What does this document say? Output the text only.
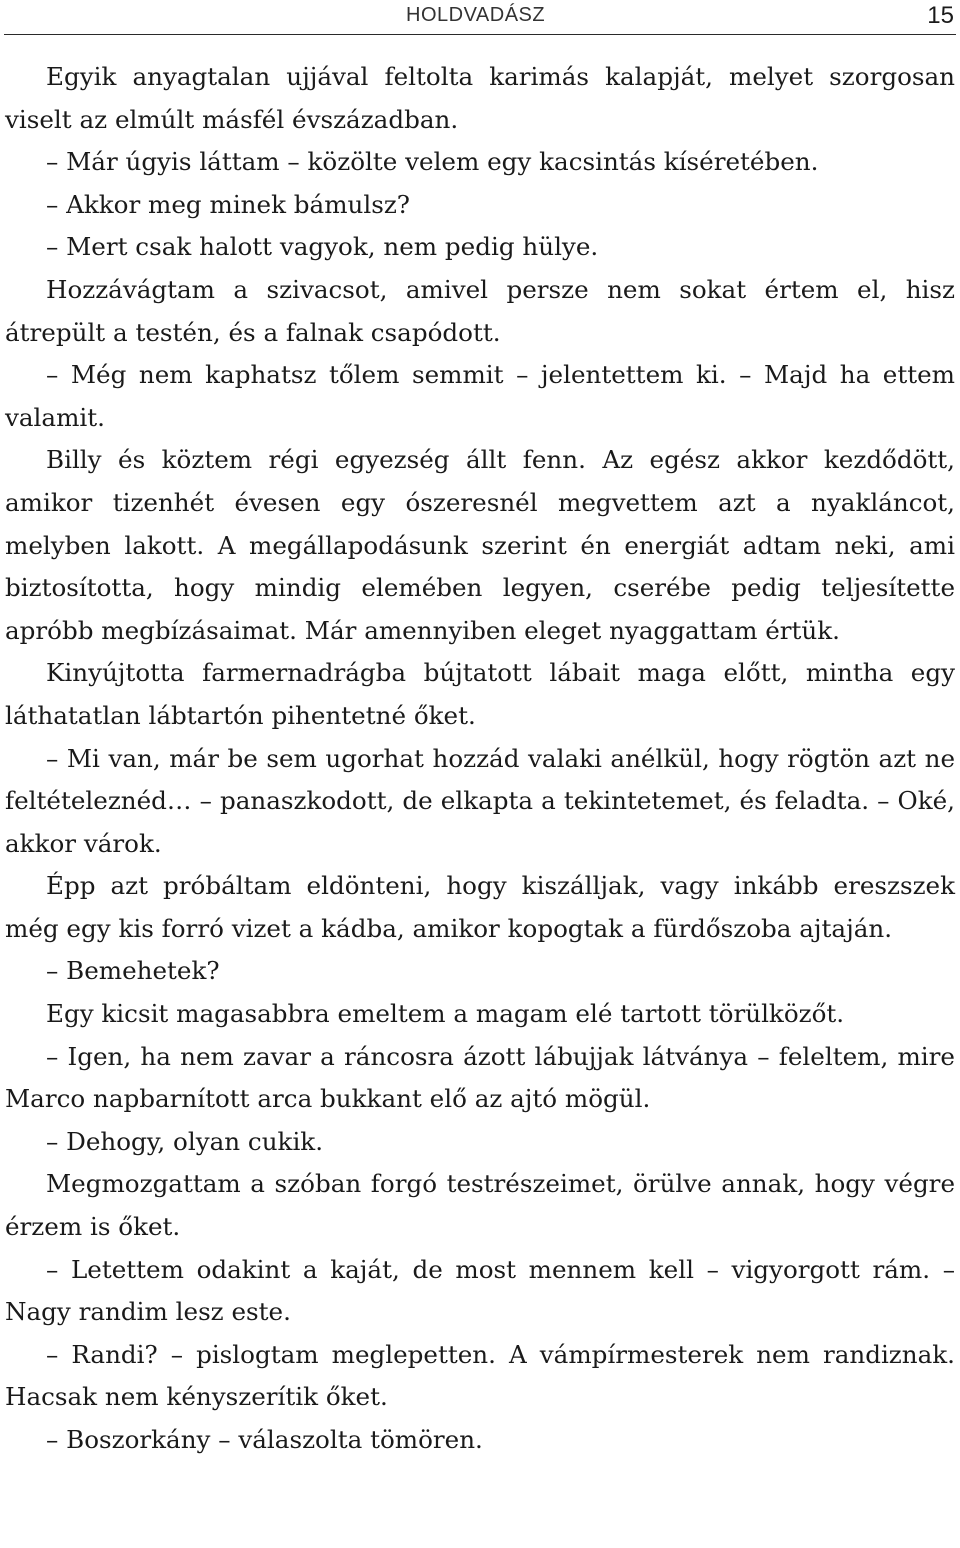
HOLDVADÁSZ	15

Egyik anyagtalan ujjával feltolta karimás kalapját, melyet szorgosan viselt az elmúlt másfél évszázadban.

– Már úgyis láttam – közölte velem egy kacsintás kíséretében.

– Akkor meg minek bámulsz?

– Mert csak halott vagyok, nem pedig hülye.

Hozzávágtam a szivacsot, amivel persze nem sokat értem el, hisz átrepült a testén, és a falnak csapódott.

– Még nem kaphatsz tőlem semmit – jelentettem ki. – Majd ha ettem valamit.

Billy és köztem régi egyezség állt fenn. Az egész akkor kezdődött, amikor tizenhét évesen egy ószeresnél megvettem azt a nyakláncot, melyben lakott. A megállapodásunk szerint én energiát adtam neki, ami biztosította, hogy mindig elemében legyen, cserébe pedig teljesítette apróbb megbízásaimat. Már amennyiben eleget nyaggattam értük.

Kinyújtotta farmernadrágba bújtatott lábait maga előtt, mintha egy láthatatlan lábtartón pihentetné őket.

– Mi van, már be sem ugorhat hozzád valaki anélkül, hogy rögtön azt ne feltételeznéd… – panaszkodott, de elkapta a tekintetemet, és feladta. – Oké, akkor várok.

Épp azt próbáltam eldönteni, hogy kiszálljak, vagy inkább ereszszek még egy kis forró vizet a kádba, amikor kopogtak a fürdőszoba ajtaján.

– Bemehetek?

Egy kicsit magasabbra emeltem a magam elé tartott törülközőt.

– Igen, ha nem zavar a ráncosra ázott lábujjak látványa – feleltem, mire Marco napbarnított arca bukkant elő az ajtó mögül.

– Dehogy, olyan cukik.

Megmozgattam a szóban forgó testrészeimet, örülve annak, hogy végre érzem is őket.

– Letettem odakint a kaját, de most mennem kell – vigyorgott rám. – Nagy randim lesz este.

– Randi? – pislogtam meglepetten. A vámpírmesterek nem randiznak. Hacsak nem kényszerítik őket.

– Boszorkány – válaszolta tömören.
